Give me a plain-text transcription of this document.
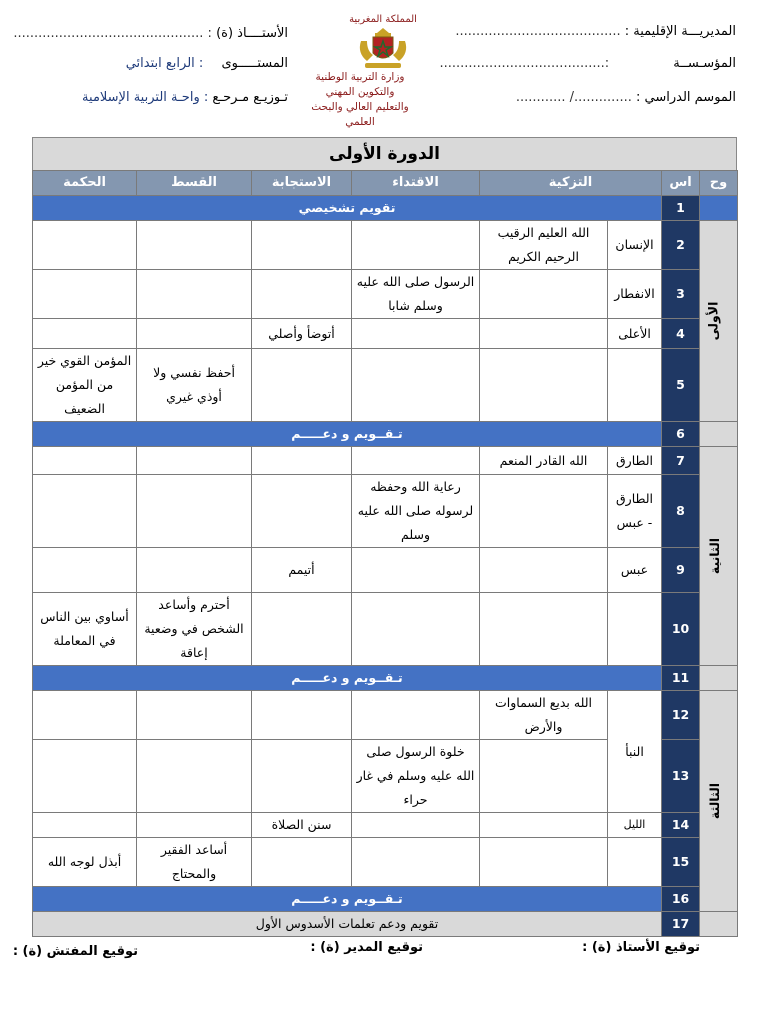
المديريـــة الإقليمية : ........................................
المؤسـســة :........................................
الموسم الدراسي : ............../ ............
الأستــــاذ (ة) : ..............................................
المستـــــوى : الرابع ابتدائي
تـوزيـع مـرحـع : واحـة التربية الإسلامية
المملكة المغربية
وزارة التربية الوطنية
والتكوين المهني
والتعليم العالي والبحث العلمي
الدورة الأولى
الحكمة	القسط	الاستجابة	الاقتداء	التزكية		اس	وح
تقويم تشخيصي						1	
				الله العليم الرقيب الرحيم الكريم	الإنسان	2	الأولى
			الرسول صلى الله عليه وسلم شابا		الانفطار	3	
		أتوضأ وأصلي			الأعلى	4	
المؤمن القوي خير من المؤمن الضعيف	أحفظ نفسي ولا أوذي غيري					5	
تـقــويم و دعـــــم						6	
				الله القادر المنعم	الطارق	7	الثانية
			رعاية الله وحفظه لرسوله صلى الله عليه وسلم		الطارق - عبس	8	
		أتيمم			عبس	9	
أساوي بين الناس في المعاملة	أحترم وأساعد الشخص في وضعية إعاقة					10	
تـقــويم و دعـــــم						11	
				الله بديع السماوات والأرض	النبأ	12	الثالثة
			خلوة الرسول صلى الله عليه وسلم في غار حراء			13	
		سنن الصلاة			الليل	14	
أبذل لوجه الله	أساعد الفقير والمحتاج					15	
تـقــويم و دعـــــم						16	
تقويم ودعم تعلمات الأسدوس الأول						17	
توقيع الأستاذ (ة) :
توقيع المدير (ة) :
توقيع المفتش (ة) :
